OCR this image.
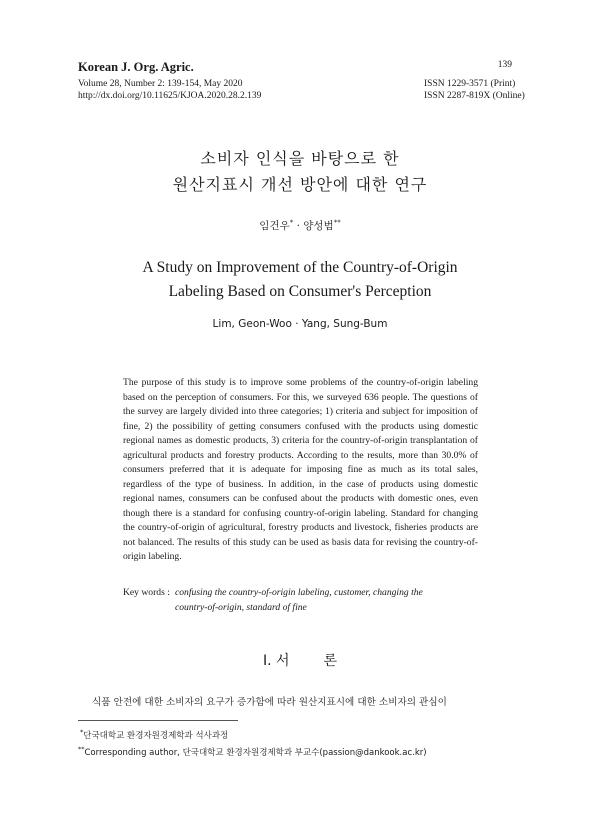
Korean J. Org. Agric.
Volume 28, Number 2: 139-154, May 2020
http://dx.doi.org/10.11625/KJOA.2020.28.2.139
139
ISSN 1229-3571 (Print)
ISSN 2287-819X (Online)
소비자 인식을 바탕으로 한
원산지표시 개선 방안에 대한 연구
임건우* · 양성범**
A Study on Improvement of the Country-of-Origin
Labeling Based on Consumer's Perception
Lim, Geon-Woo · Yang, Sung-Bum
The purpose of this study is to improve some problems of the country-of-origin labeling based on the perception of consumers. For this, we surveyed 636 people. The questions of the survey are largely divided into three categories; 1) criteria and subject for imposition of fine, 2) the possibility of getting consumers confused with the products using domestic regional names as domestic products, 3) criteria for the country-of-origin transplantation of agricultural products and forestry products. According to the results, more than 30.0% of consumers preferred that it is adequate for imposing fine as much as its total sales, regardless of the type of business. In addition, in the case of products using domestic regional names, consumers can be confused about the products with domestic ones, even though there is a standard for confusing country-of-origin labeling. Standard for changing the country-of-origin of agricultural, forestry products and livestock, fisheries products are not balanced. The results of this study can be used as basis data for revising the country-of-origin labeling.
Key words : confusing the country-of-origin labeling, customer, changing the
country-of-origin, standard of fine
Ⅰ. 서 론
식품 안전에 대한 소비자의 요구가 증가함에 따라 원산지표시에 대한 소비자의 관심이
*단국대학교 환경자원경제학과 석사과정
**Corresponding author, 단국대학교 환경자원경제학과 부교수(passion@dankook.ac.kr)
